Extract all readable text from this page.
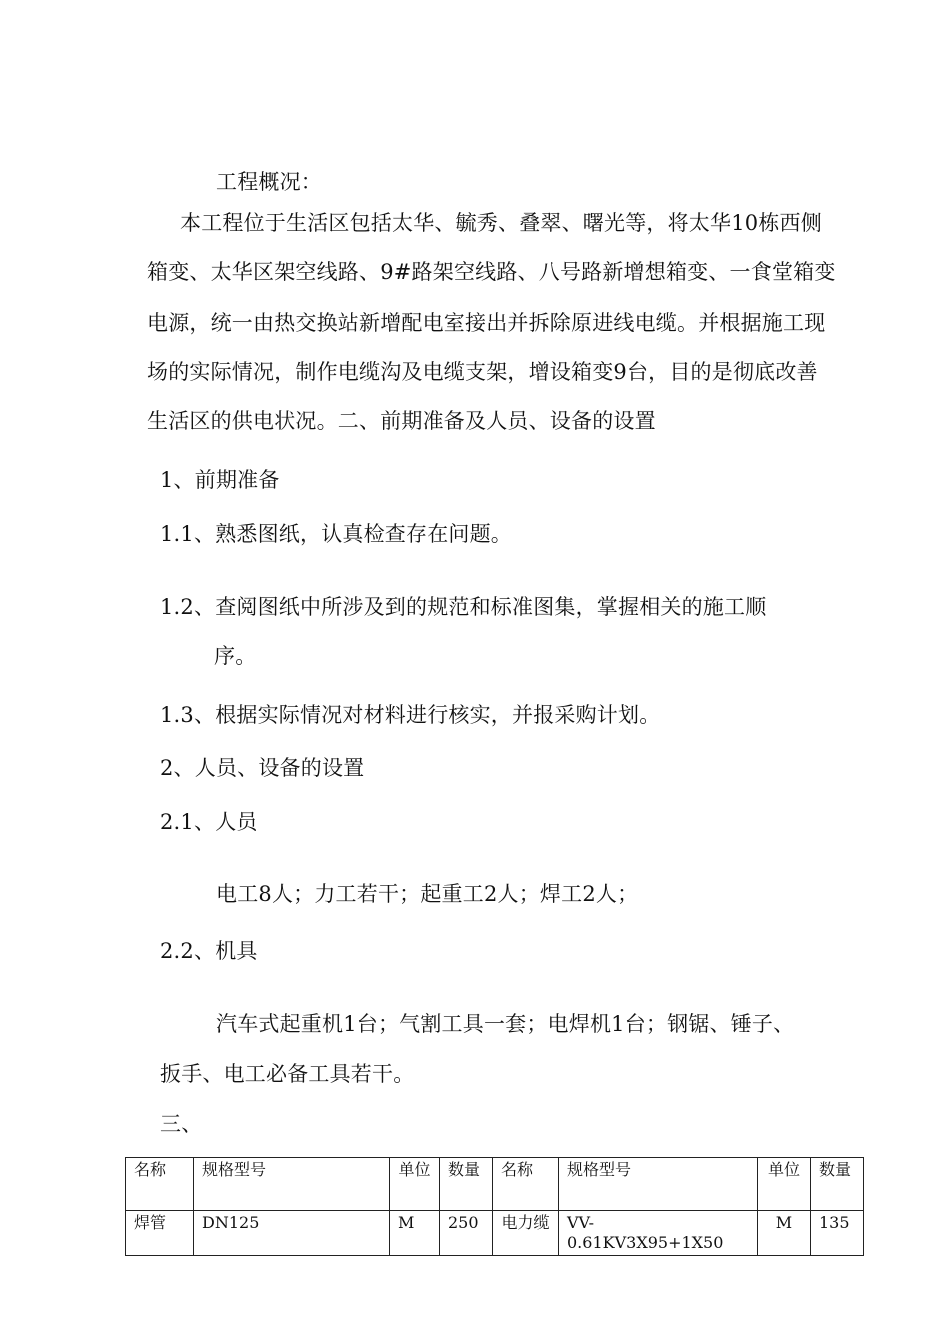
工程概况：
本工程位于生活区包括太华、毓秀、叠翠、曙光等，将太华10栋西侧
箱变、太华区架空线路、9#路架空线路、八号路新增想箱变、一食堂箱变
电源，统一由热交换站新增配电室接出并拆除原进线电缆。并根据施工现
场的实际情况，制作电缆沟及电缆支架，增设箱变9台，目的是彻底改善
生活区的供电状况。二、前期准备及人员、设备的设置
1、前期准备
1.1、熟悉图纸，认真检查存在问题。
1.2、查阅图纸中所涉及到的规范和标准图集，掌握相关的施工顺
序。
1.3、根据实际情况对材料进行核实，并报采购计划。
2、人员、设备的设置
2.1、人员
电工8人；力工若干；起重工2人；焊工2人；
2.2、机具
汽车式起重机1台；气割工具一套；电焊机1台；钢锯、锤子、
扳手、电工必备工具若干。
三、
名称	规格型号	单位	数量	名称	规格型号	单位	数量
焊管	DN125	M	250	电力缆	VV-0.61KV3Χ95+1Χ50	M	135
